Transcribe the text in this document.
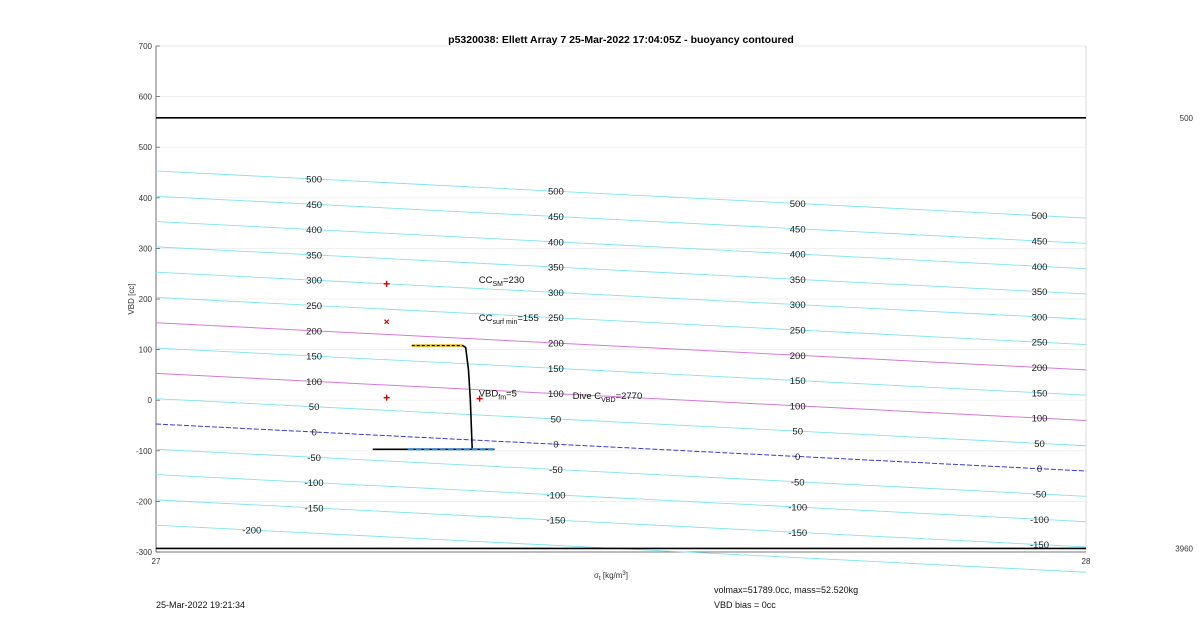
p5320038: Ellett Array 7 25-Mar-2022 17:04:05Z - buoyancy contoured
VBD [cc]
$\sigma_t$ $[kg/m^3]$
-300
-200
-100
0
100
200
300
400
500
600
700
27	28
-150
-100
-50
0
50
100
150
200
250
300
350
400
450
500
-150
-100
-50
0
50
100
150
200
250
300
350
400
450
500
-150
-100
-50
0
50
100
150
200
250
300
350
400
450
500
-150
-100
-50
0
50
100
150
200
250
300
350
400
450
500
-200
500
3960
$CC_{SM}=230$
$CC_{surf min}=155$
$VBD_{fm}=5$	Dive $C_{VBD}=2770$
25-Mar-2022 19:21:34
volmax=51789.0cc, mass=52.520kg
VBD bias = 0cc
